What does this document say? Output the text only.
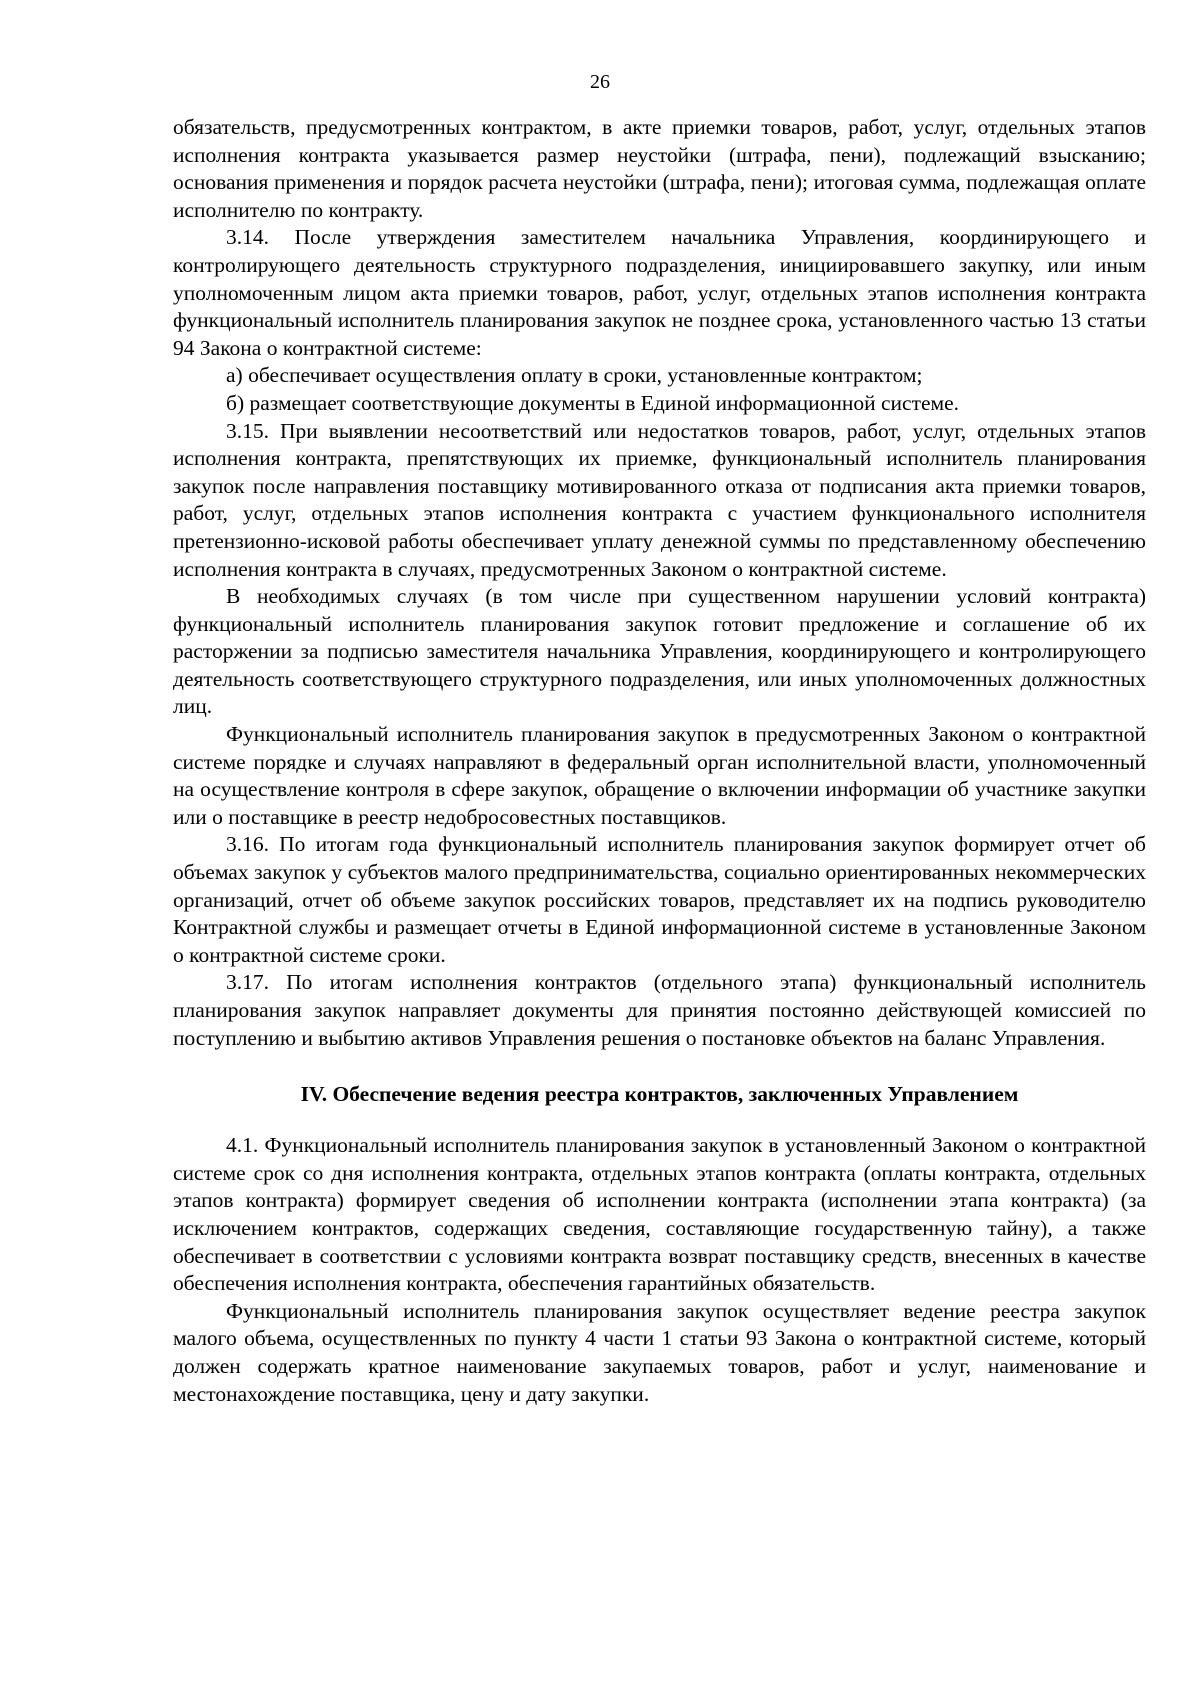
26

обязательств, предусмотренных контрактом, в акте приемки товаров, работ, услуг, отдельных этапов исполнения контракта указывается размер неустойки (штрафа, пени), подлежащий взысканию; основания применения и порядок расчета неустойки (штрафа, пени); итоговая сумма, подлежащая оплате исполнителю по контракту.

3.14. После утверждения заместителем начальника Управления, координирующего и контролирующего деятельность структурного подразделения, инициировавшего закупку, или иным уполномоченным лицом акта приемки товаров, работ, услуг, отдельных этапов исполнения контракта функциональный исполнитель планирования закупок не позднее срока, установленного частью 13 статьи 94 Закона о контрактной системе:

а) обеспечивает осуществления оплату в сроки, установленные контрактом;

б) размещает соответствующие документы в Единой информационной системе.

3.15. При выявлении несоответствий или недостатков товаров, работ, услуг, отдельных этапов исполнения контракта, препятствующих их приемке, функциональный исполнитель планирования закупок после направления поставщику мотивированного отказа от подписания акта приемки товаров, работ, услуг, отдельных этапов исполнения контракта с участием функционального исполнителя претензионно-исковой работы обеспечивает уплату денежной суммы по представленному обеспечению исполнения контракта в случаях, предусмотренных Законом о контрактной системе.

В необходимых случаях (в том числе при существенном нарушении условий контракта) функциональный исполнитель планирования закупок готовит предложение и соглашение об их расторжении за подписью заместителя начальника Управления, координирующего и контролирующего деятельность соответствующего структурного подразделения, или иных уполномоченных должностных лиц.

Функциональный исполнитель планирования закупок в предусмотренных Законом о контрактной системе порядке и случаях направляют в федеральный орган исполнительной власти, уполномоченный на осуществление контроля в сфере закупок, обращение о включении информации об участнике закупки или о поставщике в реестр недобросовестных поставщиков.

3.16. По итогам года функциональный исполнитель планирования закупок формирует отчет об объемах закупок у субъектов малого предпринимательства, социально ориентированных некоммерческих организаций, отчет об объеме закупок российских товаров, представляет их на подпись руководителю Контрактной службы и размещает отчеты в Единой информационной системе в установленные Законом о контрактной системе сроки.

3.17. По итогам исполнения контрактов (отдельного этапа) функциональный исполнитель планирования закупок направляет документы для принятия постоянно действующей комиссией по поступлению и выбытию активов Управления решения о постановке объектов на баланс Управления.

IV. Обеспечение ведения реестра контрактов, заключенных Управлением

4.1. Функциональный исполнитель планирования закупок в установленный Законом о контрактной системе срок со дня исполнения контракта, отдельных этапов контракта (оплаты контракта, отдельных этапов контракта) формирует сведения об исполнении контракта (исполнении этапа контракта) (за исключением контрактов, содержащих сведения, составляющие государственную тайну), а также обеспечивает в соответствии с условиями контракта возврат поставщику средств, внесенных в качестве обеспечения исполнения контракта, обеспечения гарантийных обязательств.

Функциональный исполнитель планирования закупок осуществляет ведение реестра закупок малого объема, осуществленных по пункту 4 части 1 статьи 93 Закона о контрактной системе, который должен содержать кратное наименование закупаемых товаров, работ и услуг, наименование и местонахождение поставщика, цену и дату закупки.
